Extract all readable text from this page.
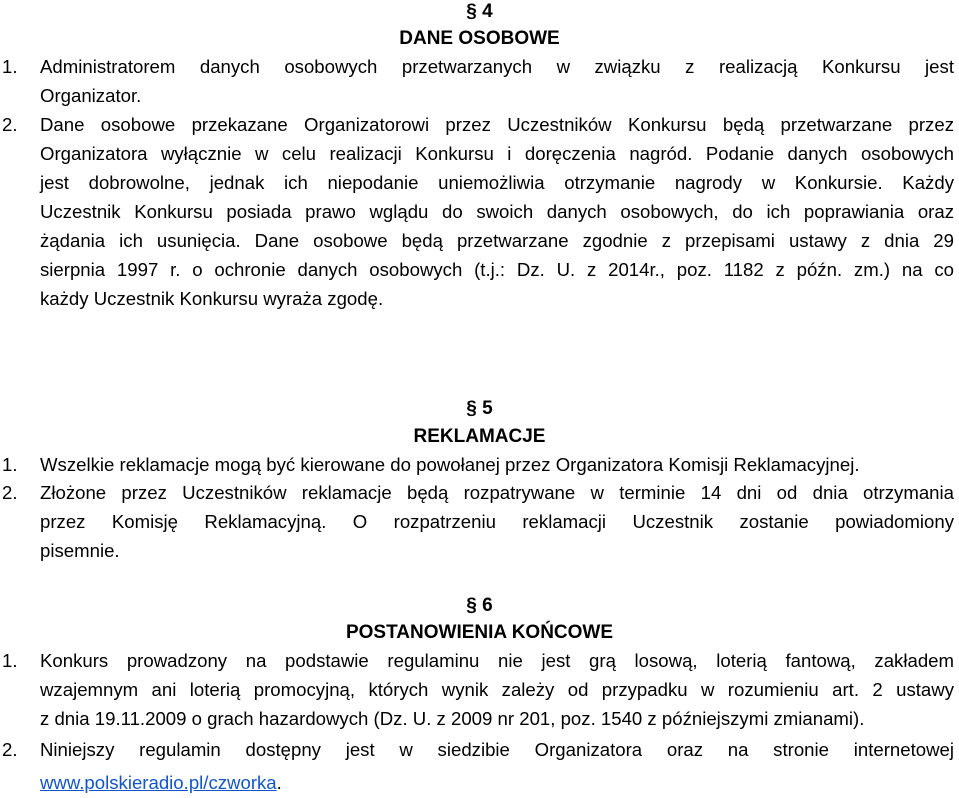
§ 4
DANE OSOBOWE
1. Administratorem danych osobowych przetwarzanych w związku z realizacją Konkursu jest
Organizator.
2. Dane osobowe przekazane Organizatorowi przez Uczestników Konkursu będą przetwarzane przez
Organizatora wyłącznie w celu realizacji Konkursu i doręczenia nagród. Podanie danych osobowych
jest dobrowolne, jednak ich niepodanie uniemożliwia otrzymanie nagrody w Konkursie. Każdy
Uczestnik Konkursu posiada prawo wglądu do swoich danych osobowych, do ich poprawiania oraz
żądania ich usunięcia. Dane osobowe będą przetwarzane zgodnie z przepisami ustawy z dnia 29
sierpnia 1997 r. o ochronie danych osobowych (t.j.: Dz. U. z 2014r., poz. 1182 z późn. zm.) na co
każdy Uczestnik Konkursu wyraża zgodę.
§ 5
REKLAMACJE
1. Wszelkie reklamacje mogą być kierowane do powołanej przez Organizatora Komisji Reklamacyjnej.
2. Złożone przez Uczestników reklamacje będą rozpatrywane w terminie 14 dni od dnia otrzymania
przez Komisję Reklamacyjną. O rozpatrzeniu reklamacji Uczestnik zostanie powiadomiony
pisemnie.
§ 6
POSTANOWIENIA KOŃCOWE
1. Konkurs prowadzony na podstawie regulaminu nie jest grą losową, loterią fantową, zakładem
wzajemnym ani loterią promocyjną, których wynik zależy od przypadku w rozumieniu art. 2 ustawy
z dnia 19.11.2009 o grach hazardowych (Dz. U. z 2009 nr 201, poz. 1540 z późniejszymi zmianami).
2. Niniejszy regulamin dostępny jest w siedzibie Organizatora oraz na stronie internetowej
www.polskieradio.pl/czworka.
